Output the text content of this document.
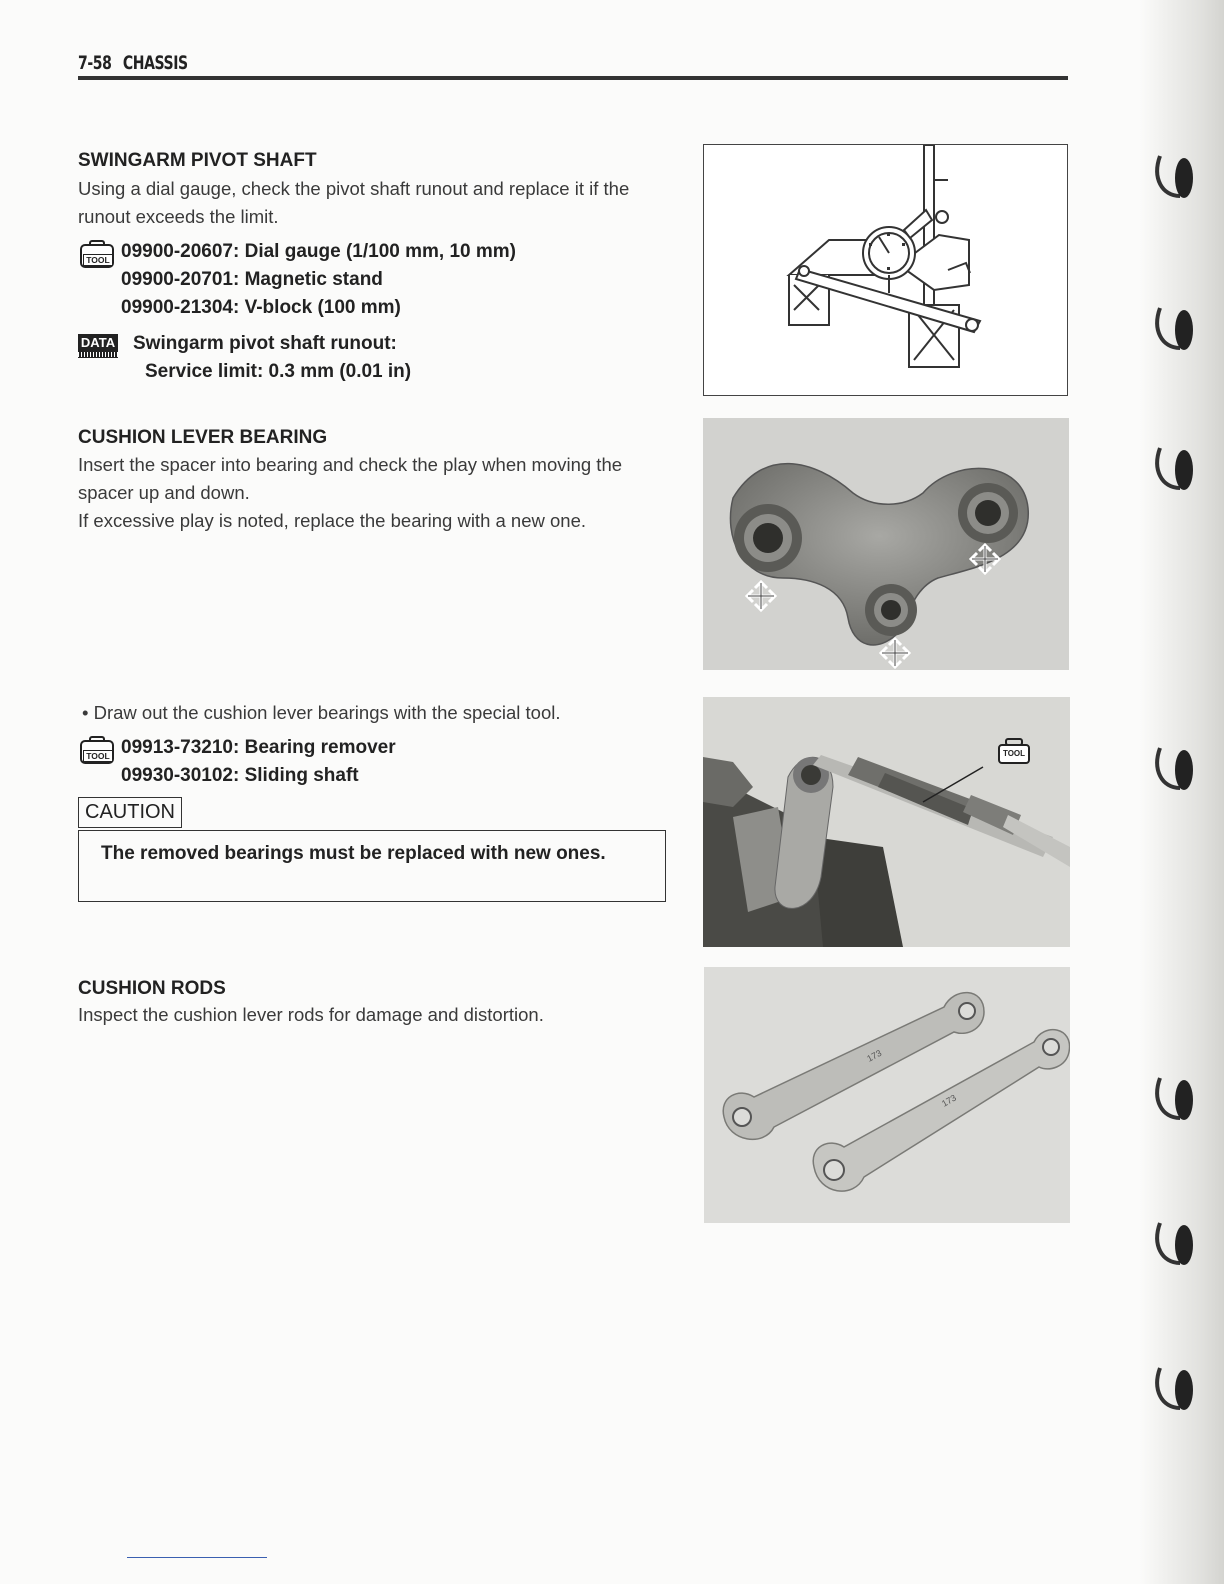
7-58 CHASSIS
SWINGARM PIVOT SHAFT

Using a dial gauge, check the pivot shaft runout and replace it if the runout exceeds the limit.

TOOL 09900-20607: Dial gauge (1/100 mm, 10 mm)
09900-20701: Magnetic stand
09900-21304: V-block (100 mm)
DATA Swingarm pivot shaft runout:
Service limit: 0.3 mm (0.01 in)
CUSHION LEVER BEARING

Insert the spacer into bearing and check the play when moving the spacer up and down.

If excessive play is noted, replace the bearing with a new one.

• Draw out the cushion lever bearings with the special tool.

TOOL 09913-73210: Bearing remover
09930-30102: Sliding shaft
CAUTION
The removed bearings must be replaced with new ones.
TOOL
CUSHION RODS

Inspect the cushion lever rods for damage and distortion.

173
173
